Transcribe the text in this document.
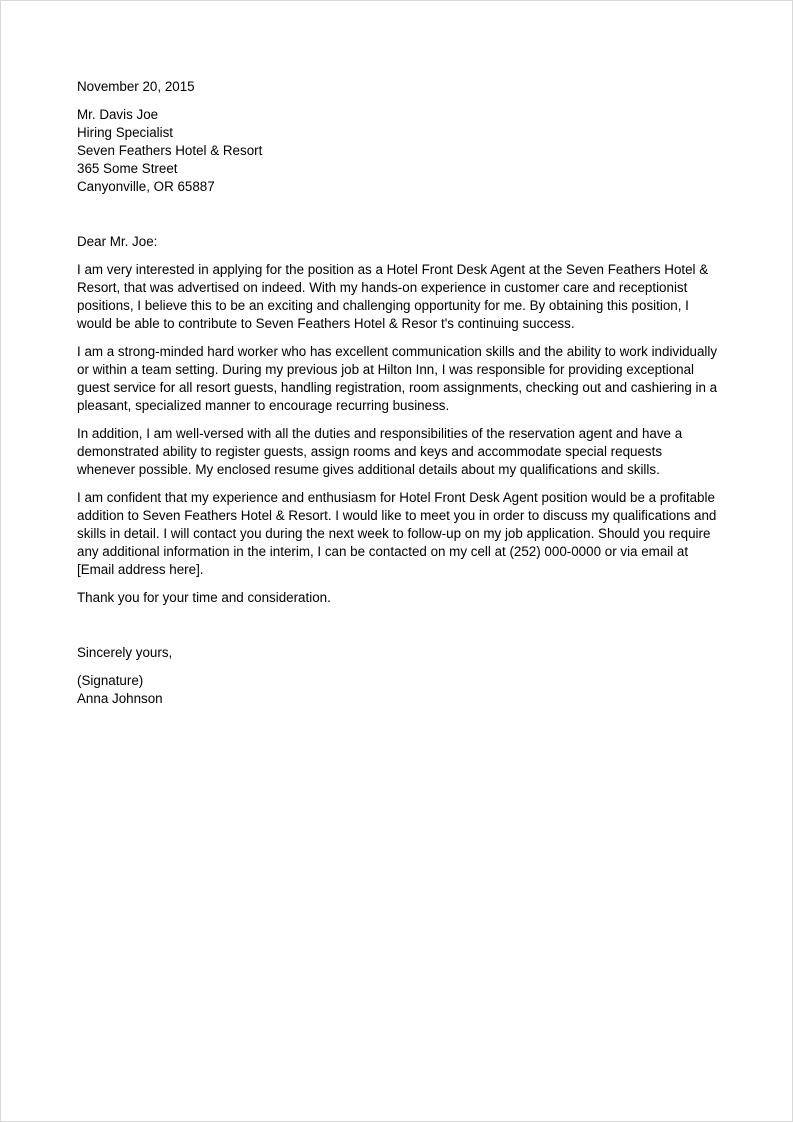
November 20, 2015
Mr. Davis Joe
Hiring Specialist
Seven Feathers Hotel & Resort
365 Some Street
Canyonville, OR 65887
Dear Mr. Joe:
I am very interested in applying for the position as a Hotel Front Desk Agent at the Seven Feathers Hotel &
Resort, that was advertised on indeed. With my hands-on experience in customer care and receptionist
positions, I believe this to be an exciting and challenging opportunity for me. By obtaining this position, I
would be able to contribute to Seven Feathers Hotel & Resor t's continuing success.
I am a strong-minded hard worker who has excellent communication skills and the ability to work individually
or within a team setting. During my previous job at Hilton Inn, I was responsible for providing exceptional
guest service for all resort guests, handling registration, room assignments, checking out and cashiering in a
pleasant, specialized manner to encourage recurring business.
In addition, I am well-versed with all the duties and responsibilities of the reservation agent and have a
demonstrated ability to register guests, assign rooms and keys and accommodate special requests
whenever possible. My enclosed resume gives additional details about my qualifications and skills.
I am confident that my experience and enthusiasm for Hotel Front Desk Agent position would be a profitable
addition to Seven Feathers Hotel & Resort. I would like to meet you in order to discuss my qualifications and
skills in detail. I will contact you during the next week to follow-up on my job application. Should you require
any additional information in the interim, I can be contacted on my cell at (252) 000-0000 or via email at
[Email address here].
Thank you for your time and consideration.
Sincerely yours,
(Signature)
Anna Johnson
